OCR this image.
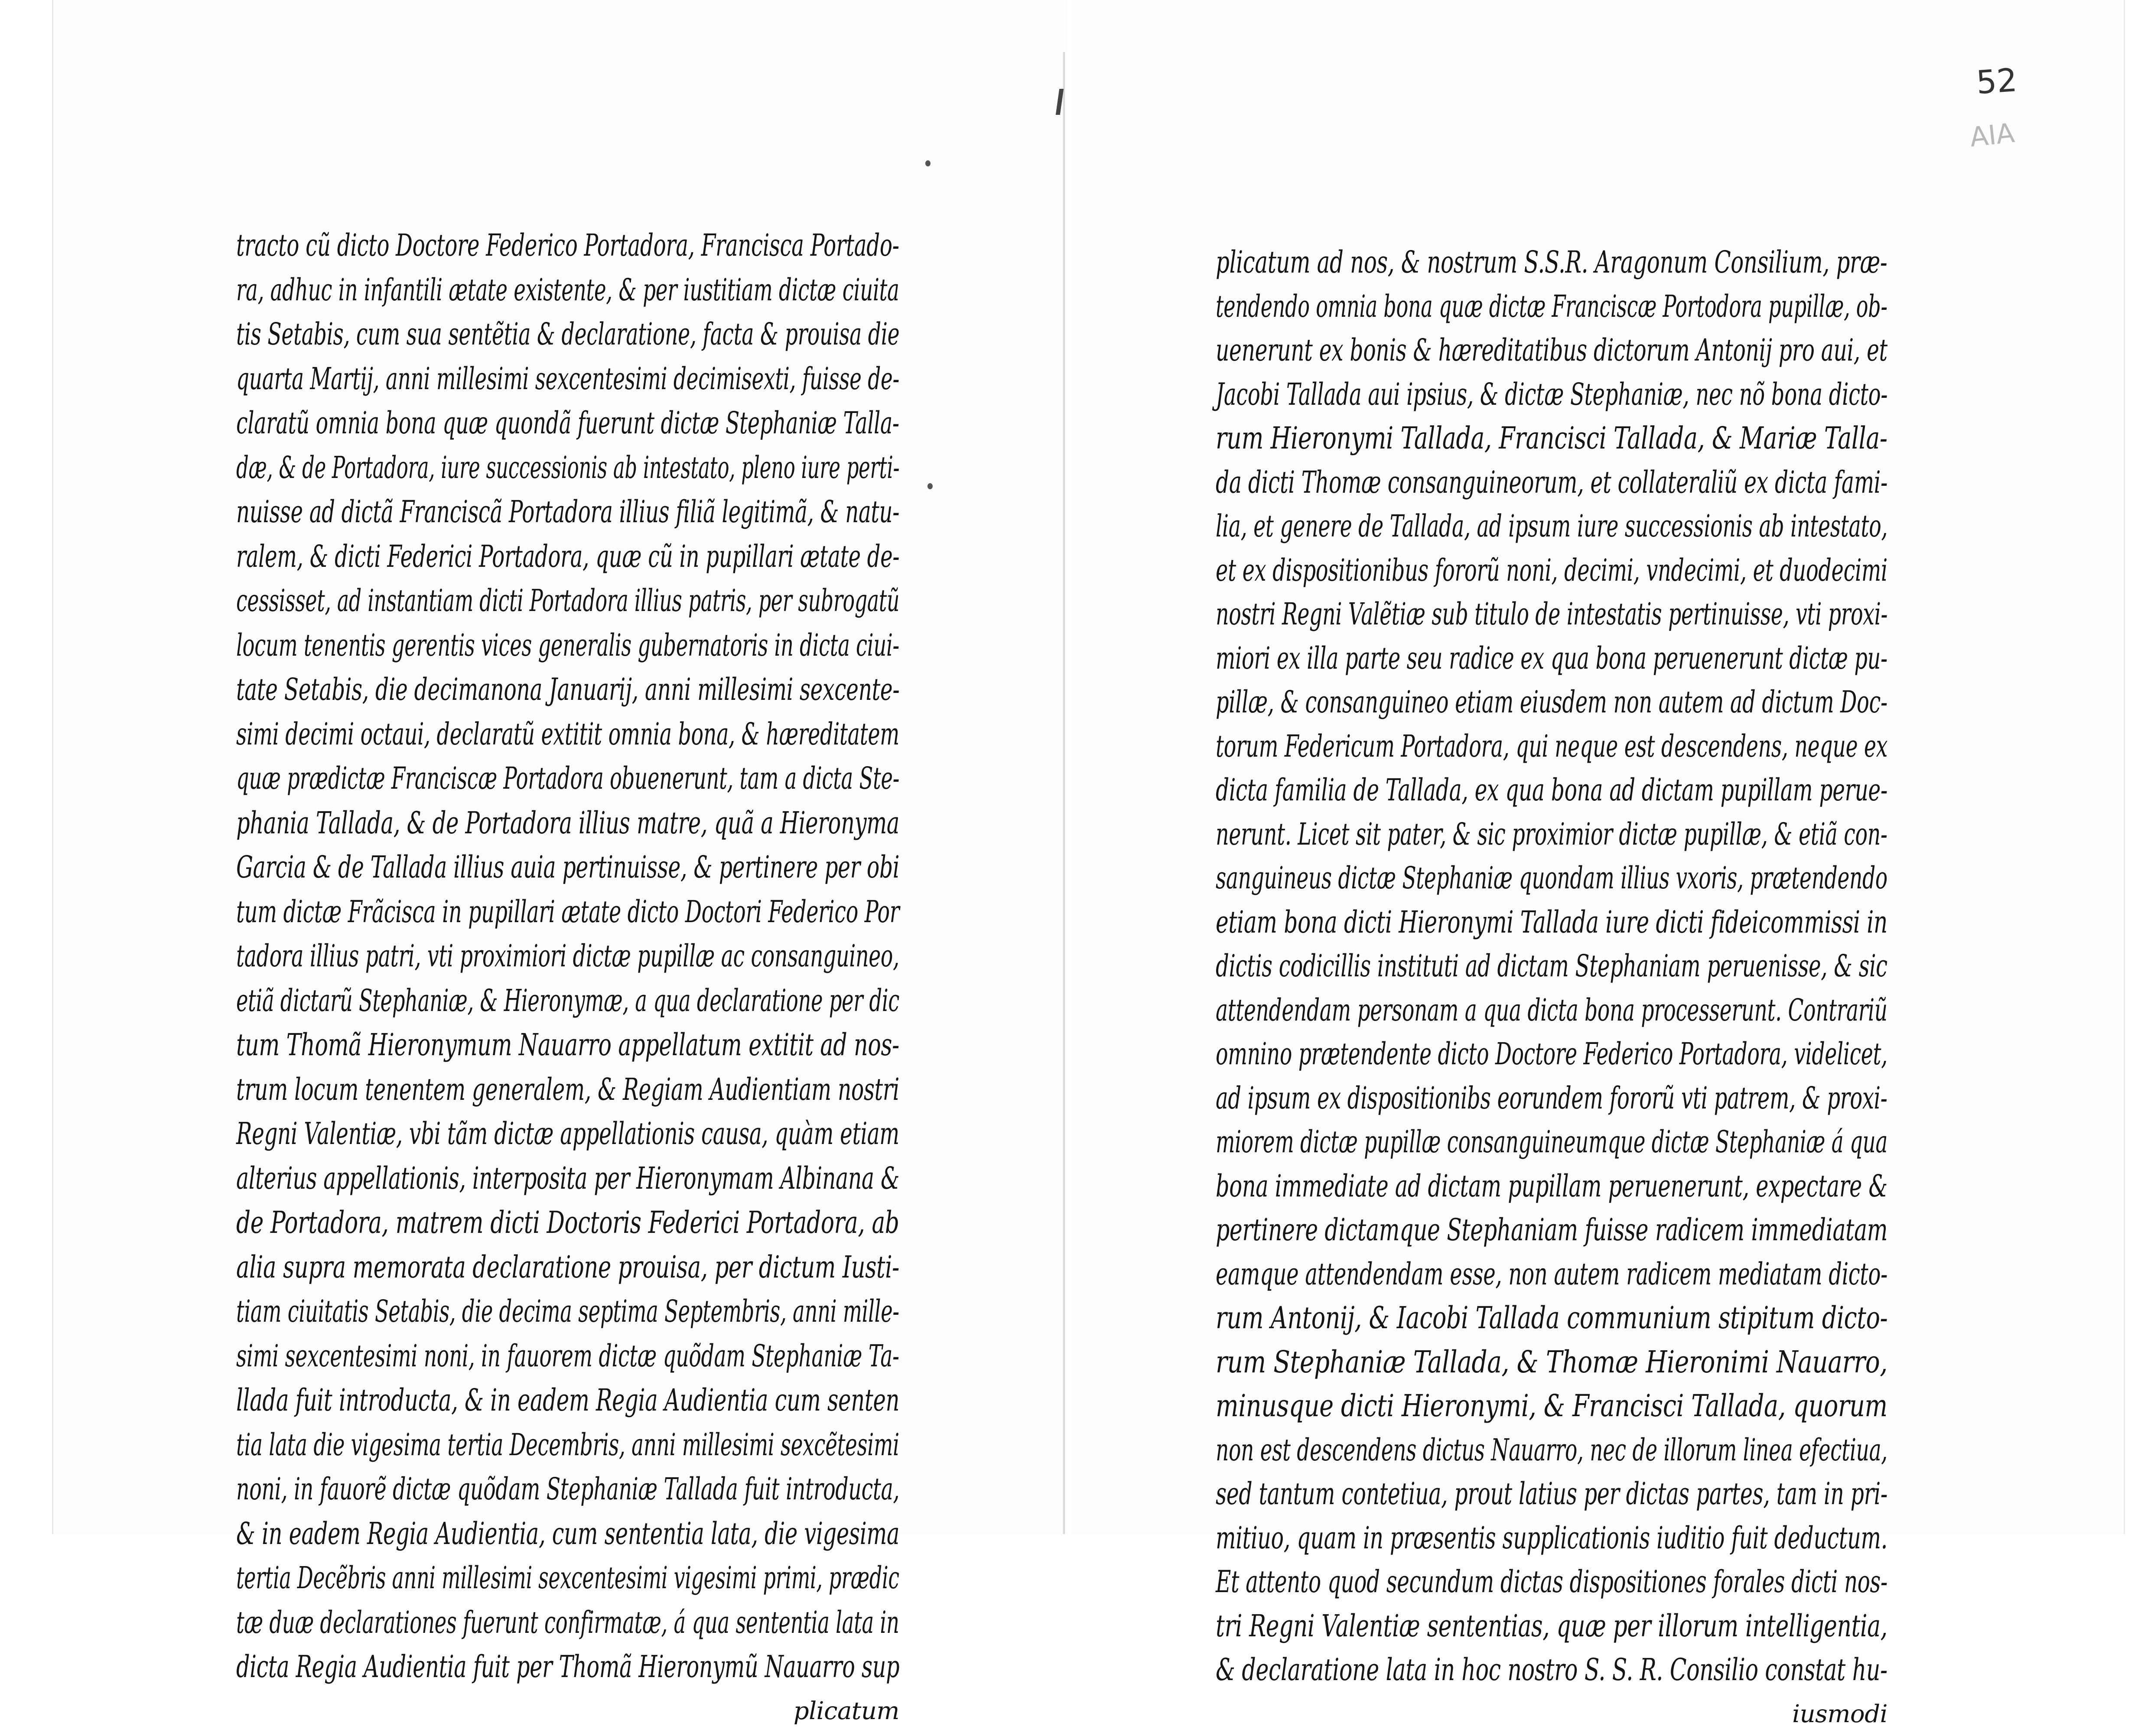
tracto cũ dicto Doctore Federico Portadora, Francisca Portado-
ra, adhuc in infantili ætate existente, & per iustitiam dictæ ciuita
tis Setabis, cum sua sentẽtia & declaratione, facta & prouisa die
quarta Martij, anni millesimi sexcentesimi decimisexti, fuisse de-
claratũ omnia bona quæ quondã fuerunt dictæ Stephaniæ Talla-
dæ, & de Portadora, iure successionis ab intestato, pleno iure perti-
nuisse ad dictã Franciscã Portadora illius filiã legitimã, & natu-
ralem, & dicti Federici Portadora, quæ cũ in pupillari ætate de-
cessisset, ad instantiam dicti Portadora illius patris, per subrogatũ
locum tenentis gerentis vices generalis gubernatoris in dicta ciui-
tate Setabis, die decimanona Januarij, anni millesimi sexcente-
simi decimi octaui, declaratũ extitit omnia bona, & hæreditatem
quæ prædictæ Franciscæ Portadora obuenerunt, tam a dicta Ste-
phania Tallada, & de Portadora illius matre, quã a Hieronyma
Garcia & de Tallada illius auia pertinuisse, & pertinere per obi
tum dictæ Frãcisca in pupillari ætate dicto Doctori Federico Por
tadora illius patri, vti proximiori dictæ pupillæ ac consanguineo,
etiã dictarũ Stephaniæ, & Hieronymæ, a qua declaratione per dic
tum Thomã Hieronymum Nauarro appellatum extitit ad nos-
trum locum tenentem generalem, & Regiam Audientiam nostri
Regni Valentiæ, vbi tãm dictæ appellationis causa, quàm etiam
alterius appellationis, interposita per Hieronymam Albinana &
de Portadora, matrem dicti Doctoris Federici Portadora, ab
alia supra memorata declaratione prouisa, per dictum Iusti-
tiam ciuitatis Setabis, die decima septima Septembris, anni mille-
simi sexcentesimi noni, in fauorem dictæ quõdam Stephaniæ Ta-
llada fuit introducta, & in eadem Regia Audientia cum senten
tia lata die vigesima tertia Decembris, anni millesimi sexcẽtesimi
noni, in fauorẽ dictæ quõdam Stephaniæ Tallada fuit introducta,
& in eadem Regia Audientia, cum sententia lata, die vigesima
tertia Decẽbris anni millesimi sexcentesimi vigesimi primi, prædic
tæ duæ declarationes fuerunt confirmatæ, á qua sententia lata in
dicta Regia Audientia fuit per Thomã Hieronymũ Nauarro sup
plicatum
plicatum ad nos, & nostrum S.S.R. Aragonum Consilium, præ-
tendendo omnia bona quæ dictæ Franciscæ Portodora pupillæ, ob-
uenerunt ex bonis & hæreditatibus dictorum Antonij pro aui, et
Jacobi Tallada aui ipsius, & dictæ Stephaniæ, nec nõ bona dicto-
rum Hieronymi Tallada, Francisci Tallada, & Mariæ Talla-
da dicti Thomæ consanguineorum, et collateraliũ ex dicta fami-
lia, et genere de Tallada, ad ipsum iure successionis ab intestato,
et ex dispositionibus fororũ noni, decimi, vndecimi, et duodecimi
nostri Regni Valẽtiæ sub titulo de intestatis pertinuisse, vti proxi-
miori ex illa parte seu radice ex qua bona peruenerunt dictæ pu-
pillæ, & consanguineo etiam eiusdem non autem ad dictum Doc-
torum Federicum Portadora, qui neque est descendens, neque ex
dicta familia de Tallada, ex qua bona ad dictam pupillam perue-
nerunt. Licet sit pater, & sic proximior dictæ pupillæ, & etiã con-
sanguineus dictæ Stephaniæ quondam illius vxoris, prætendendo
etiam bona dicti Hieronymi Tallada iure dicti fideicommissi in
dictis codicillis instituti ad dictam Stephaniam peruenisse, & sic
attendendam personam a qua dicta bona processerunt. Contrariũ
omnino prætendente dicto Doctore Federico Portadora, videlicet,
ad ipsum ex dispositionibs eorundem fororũ vti patrem, & proxi-
miorem dictæ pupillæ consanguineumque dictæ Stephaniæ á qua
bona immediate ad dictam pupillam peruenerunt, expectare &
pertinere dictamque Stephaniam fuisse radicem immediatam
eamque attendendam esse, non autem radicem mediatam dicto-
rum Antonij, & Iacobi Tallada communium stipitum dicto-
rum Stephaniæ Tallada, & Thomæ Hieronimi Nauarro,
minusque dicti Hieronymi, & Francisci Tallada, quorum
non est descendens dictus Nauarro, nec de illorum linea efectiua,
sed tantum contetiua, prout latius per dictas partes, tam in pri-
mitiuo, quam in præsentis supplicationis iuditio fuit deductum.
Et attento quod secundum dictas dispositiones forales dicti nos-
tri Regni Valentiæ sententias, quæ per illorum intelligentia,
& declaratione lata in hoc nostro S. S. R. Consilio constat hu-
iusmodi
52
AIA
